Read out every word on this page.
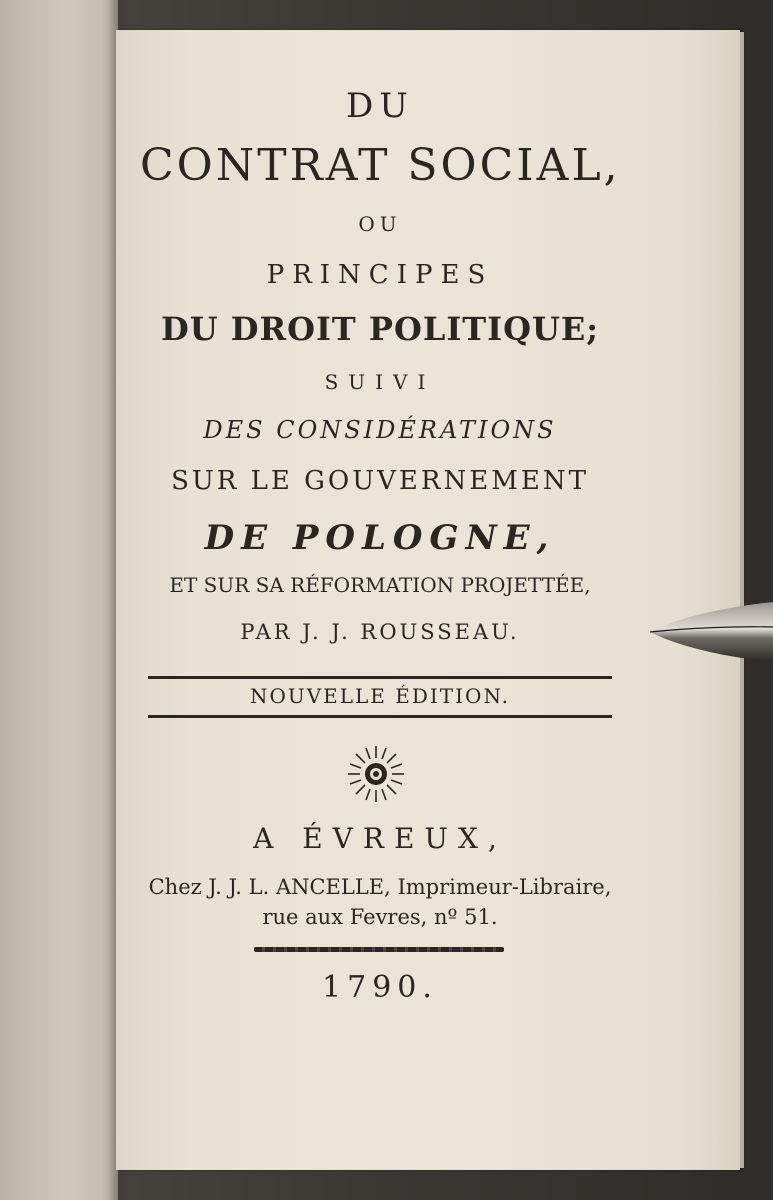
DU

CONTRAT SOCIAL,

OU

PRINCIPES

DU DROIT POLITIQUE;

SUIVI

DES CONSIDÉRATIONS

SUR LE GOUVERNEMENT

DE POLOGNE,

ET SUR SA RÉFORMATION PROJETTÉE,

PAR J. J. ROUSSEAU.

NOUVELLE ÉDITION.

A ÉVREUX,

Chez J. J. L. ANCELLE, Imprimeur-Libraire,

rue aux Fevres, nº 51.

1790.
